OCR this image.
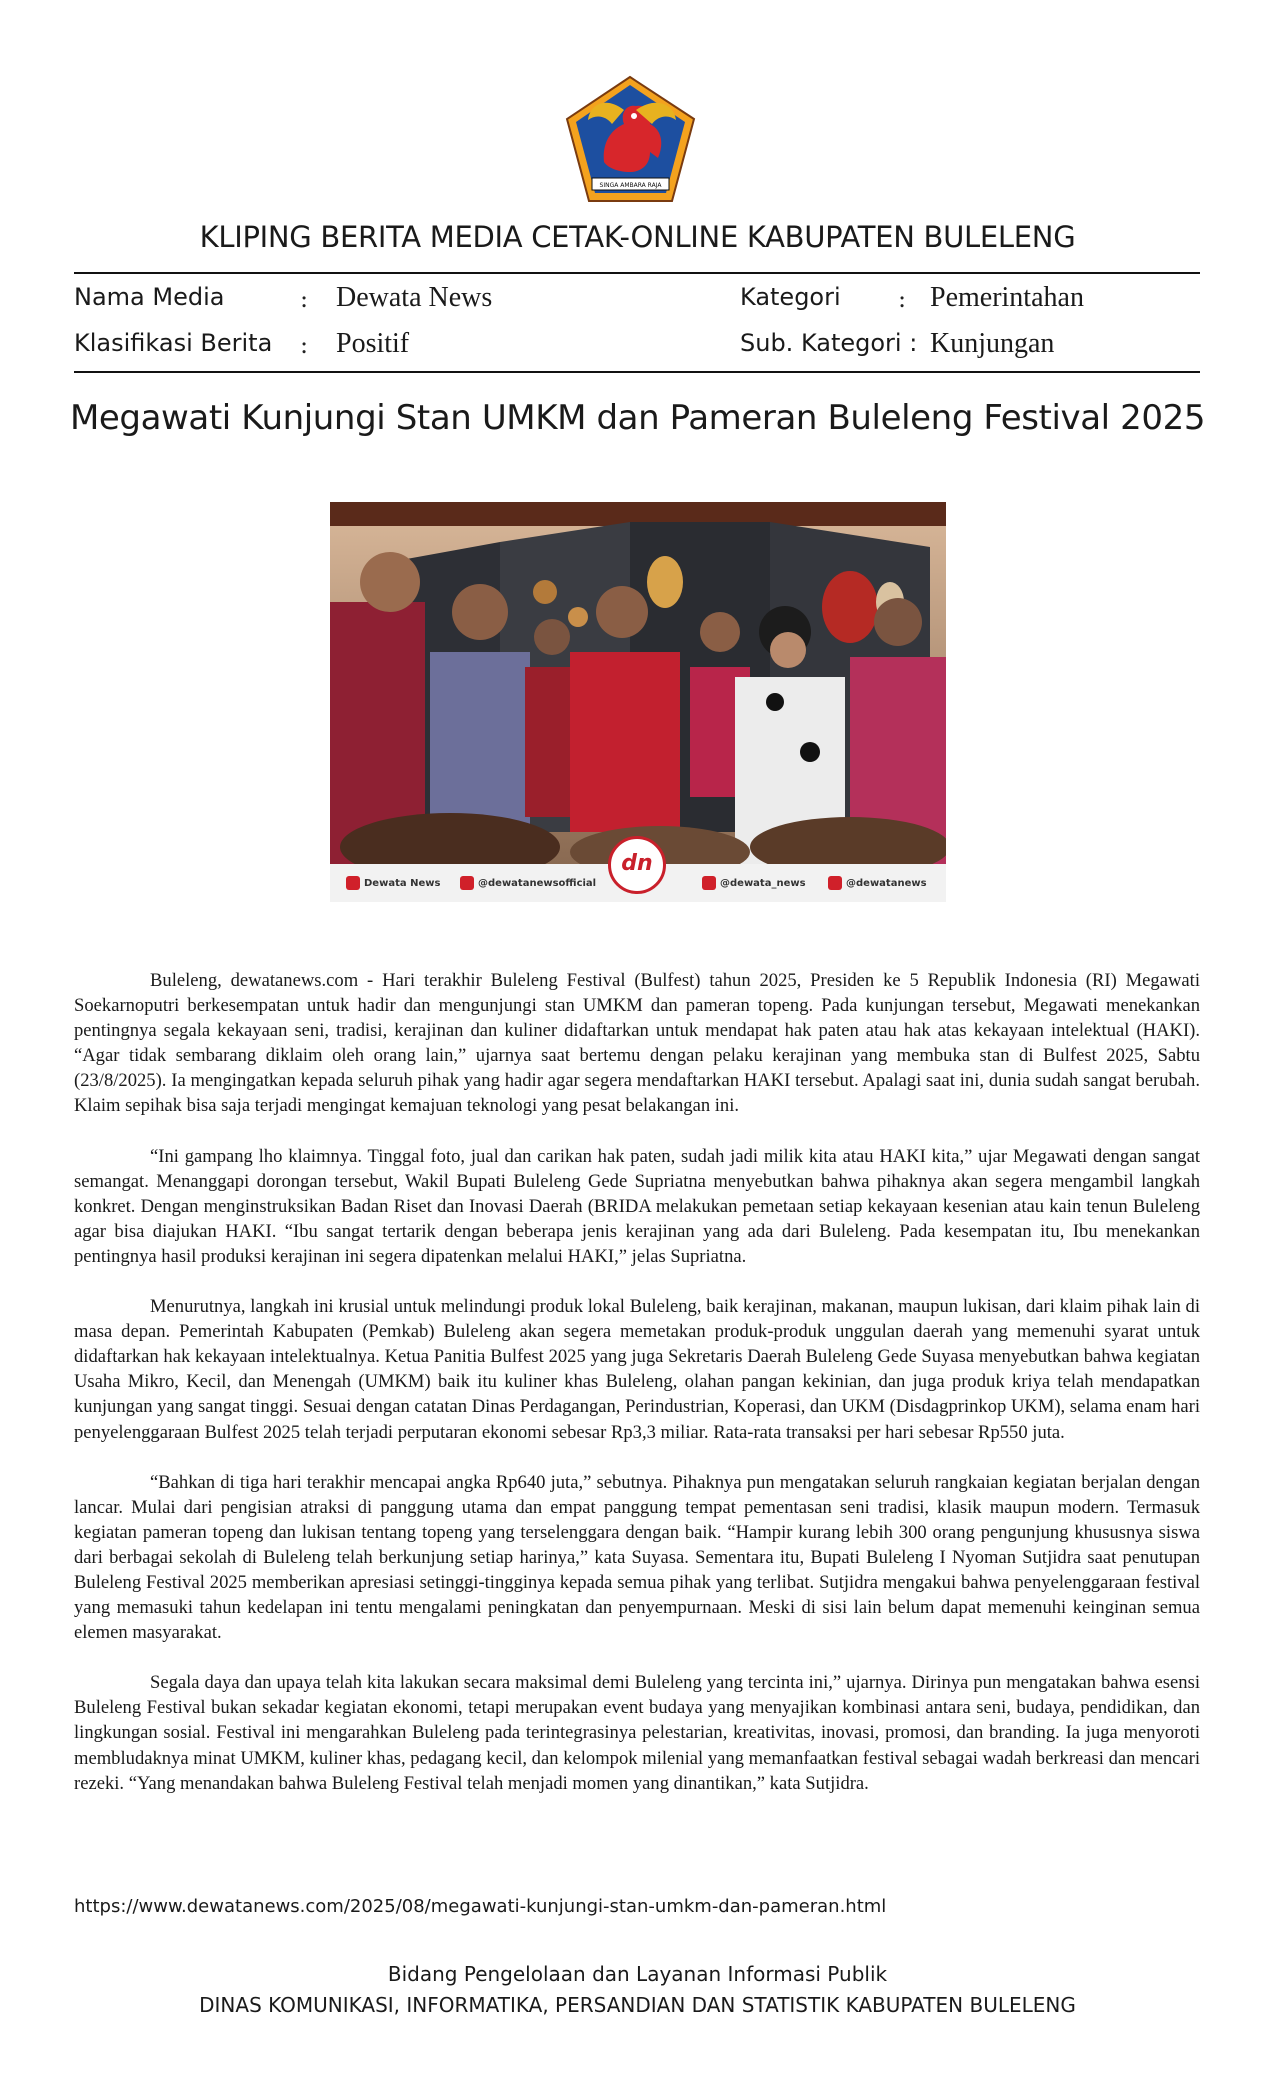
SINGA AMBARA RAJA
KLIPING BERITA MEDIA CETAK-ONLINE KABUPATEN BULELENG
Nama Media	: Dewata News	Kategori : Pemerintahan
Klasifikasi Berita : Positif	Sub. Kategori : Kunjungan
Megawati Kunjungi Stan UMKM dan Pameran Buleleng Festival 2025
dn
Dewata News	@dewatanewsofficial	@dewata_news	@dewatanews

Buleleng, dewatanews.com - Hari terakhir Buleleng Festival (Bulfest) tahun 2025, Presiden ke 5 Republik Indonesia (RI) Megawati Soekarnoputri berkesempatan untuk hadir dan mengunjungi stan UMKM dan pameran topeng. Pada kunjungan tersebut, Megawati menekankan pentingnya segala kekayaan seni, tradisi, kerajinan dan kuliner didaftarkan untuk mendapat hak paten atau hak atas kekayaan intelektual (HAKI). “Agar tidak sembarang diklaim oleh orang lain,” ujarnya saat bertemu dengan pelaku kerajinan yang membuka stan di Bulfest 2025, Sabtu (23/8/2025). Ia mengingatkan kepada seluruh pihak yang hadir agar segera mendaftarkan HAKI tersebut. Apalagi saat ini, dunia sudah sangat berubah. Klaim sepihak bisa saja terjadi mengingat kemajuan teknologi yang pesat belakangan ini.

“Ini gampang lho klaimnya. Tinggal foto, jual dan carikan hak paten, sudah jadi milik kita atau HAKI kita,” ujar Megawati dengan sangat semangat. Menanggapi dorongan tersebut, Wakil Bupati Buleleng Gede Supriatna menyebutkan bahwa pihaknya akan segera mengambil langkah konkret. Dengan menginstruksikan Badan Riset dan Inovasi Daerah (BRIDA melakukan pemetaan setiap kekayaan kesenian atau kain tenun Buleleng agar bisa diajukan HAKI. “Ibu sangat tertarik dengan beberapa jenis kerajinan yang ada dari Buleleng. Pada kesempatan itu, Ibu menekankan pentingnya hasil produksi kerajinan ini segera dipatenkan melalui HAKI,” jelas Supriatna.

Menurutnya, langkah ini krusial untuk melindungi produk lokal Buleleng, baik kerajinan, makanan, maupun lukisan, dari klaim pihak lain di masa depan. Pemerintah Kabupaten (Pemkab) Buleleng akan segera memetakan produk-produk unggulan daerah yang memenuhi syarat untuk didaftarkan hak kekayaan intelektualnya. Ketua Panitia Bulfest 2025 yang juga Sekretaris Daerah Buleleng Gede Suyasa menyebutkan bahwa kegiatan Usaha Mikro, Kecil, dan Menengah (UMKM) baik itu kuliner khas Buleleng, olahan pangan kekinian, dan juga produk kriya telah mendapatkan kunjungan yang sangat tinggi. Sesuai dengan catatan Dinas Perdagangan, Perindustrian, Koperasi, dan UKM (Disdagprinkop UKM), selama enam hari penyelenggaraan Bulfest 2025 telah terjadi perputaran ekonomi sebesar Rp3,3 miliar. Rata-rata transaksi per hari sebesar Rp550 juta.

“Bahkan di tiga hari terakhir mencapai angka Rp640 juta,” sebutnya. Pihaknya pun mengatakan seluruh rangkaian kegiatan berjalan dengan lancar. Mulai dari pengisian atraksi di panggung utama dan empat panggung tempat pementasan seni tradisi, klasik maupun modern. Termasuk kegiatan pameran topeng dan lukisan tentang topeng yang terselenggara dengan baik. “Hampir kurang lebih 300 orang pengunjung khususnya siswa dari berbagai sekolah di Buleleng telah berkunjung setiap harinya,” kata Suyasa. Sementara itu, Bupati Buleleng I Nyoman Sutjidra saat penutupan Buleleng Festival 2025 memberikan apresiasi setinggi-tingginya kepada semua pihak yang terlibat. Sutjidra mengakui bahwa penyelenggaraan festival yang memasuki tahun kedelapan ini tentu mengalami peningkatan dan penyempurnaan. Meski di sisi lain belum dapat memenuhi keinginan semua elemen masyarakat.

Segala daya dan upaya telah kita lakukan secara maksimal demi Buleleng yang tercinta ini,” ujarnya. Dirinya pun mengatakan bahwa esensi Buleleng Festival bukan sekadar kegiatan ekonomi, tetapi merupakan event budaya yang menyajikan kombinasi antara seni, budaya, pendidikan, dan lingkungan sosial. Festival ini mengarahkan Buleleng pada terintegrasinya pelestarian, kreativitas, inovasi, promosi, dan branding. Ia juga menyoroti membludaknya minat UMKM, kuliner khas, pedagang kecil, dan kelompok milenial yang memanfaatkan festival sebagai wadah berkreasi dan mencari rezeki. “Yang menandakan bahwa Buleleng Festival telah menjadi momen yang dinantikan,” kata Sutjidra.

https://www.dewatanews.com/2025/08/megawati-kunjungi-stan-umkm-dan-pameran.html
Bidang Pengelolaan dan Layanan Informasi Publik
DINAS KOMUNIKASI, INFORMATIKA, PERSANDIAN DAN STATISTIK KABUPATEN BULELENG
